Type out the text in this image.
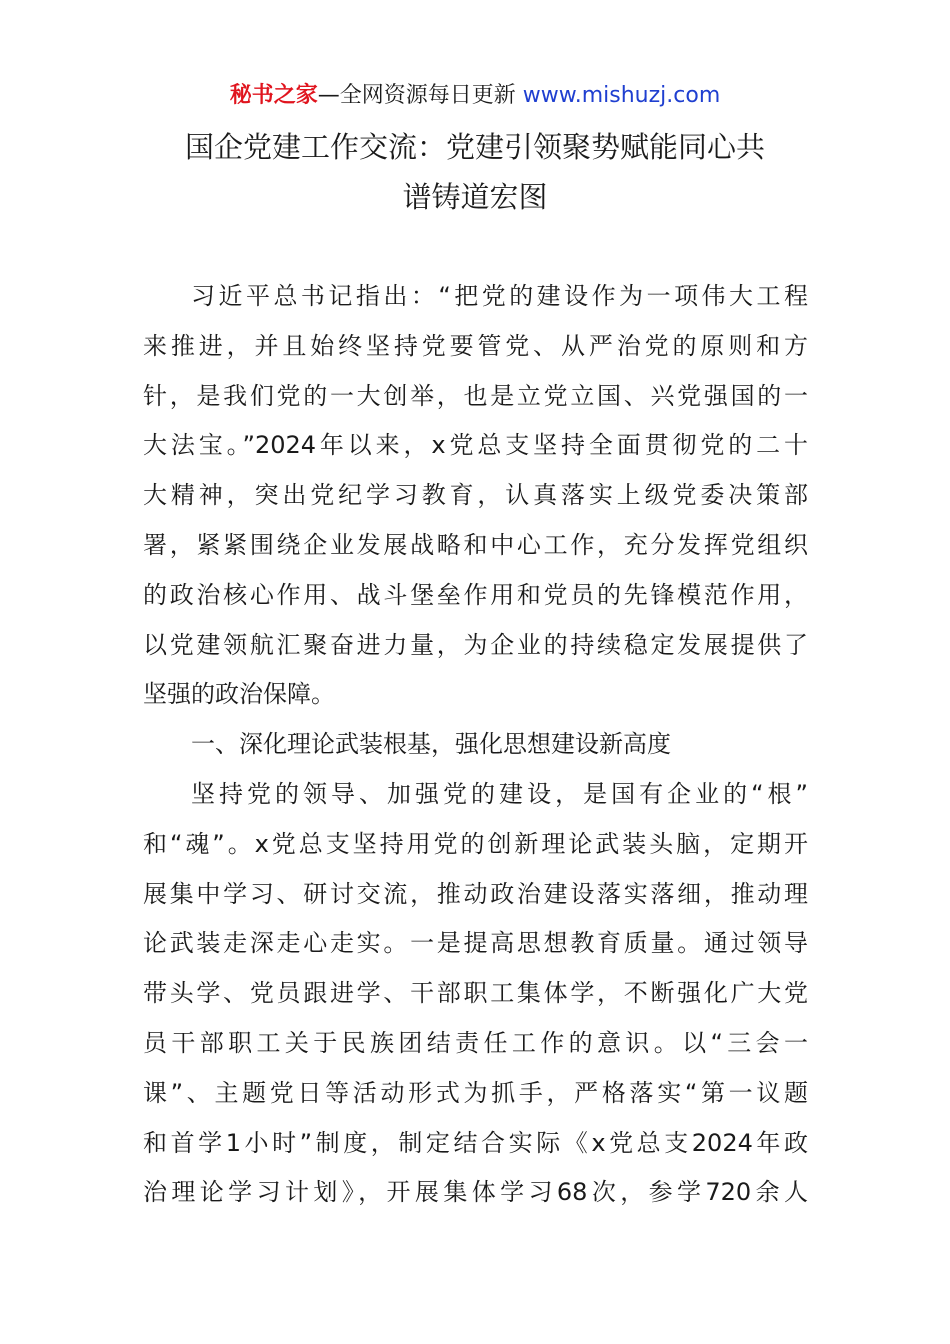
秘书之家—全网资源每日更新 www.mishuzj.com
国企党建工作交流：党建引领聚势赋能同心共
谱铸道宏图
习近平总书记指出：“把党的建设作为一项伟大工程
来推进，并且始终坚持党要管党、从严治党的原则和方
针，是我们党的一大创举，也是立党立国、兴党强国的一
大法宝。”2024年以来，x党总支坚持全面贯彻党的二十
大精神，突出党纪学习教育，认真落实上级党委决策部
署，紧紧围绕企业发展战略和中心工作，充分发挥党组织
的政治核心作用、战斗堡垒作用和党员的先锋模范作用，
以党建领航汇聚奋进力量，为企业的持续稳定发展提供了
坚强的政治保障。
一、深化理论武装根基，强化思想建设新高度
坚持党的领导、加强党的建设，是国有企业的“根”
和“魂”。x党总支坚持用党的创新理论武装头脑，定期开
展集中学习、研讨交流，推动政治建设落实落细，推动理
论武装走深走心走实。一是提高思想教育质量。通过领导
带头学、党员跟进学、干部职工集体学，不断强化广大党
员干部职工关于民族团结责任工作的意识。以“三会一
课”、主题党日等活动形式为抓手，严格落实“第一议题
和首学1小时”制度，制定结合实际《x党总支2024年政
治理论学习计划》，开展集体学习68次，参学720余人
